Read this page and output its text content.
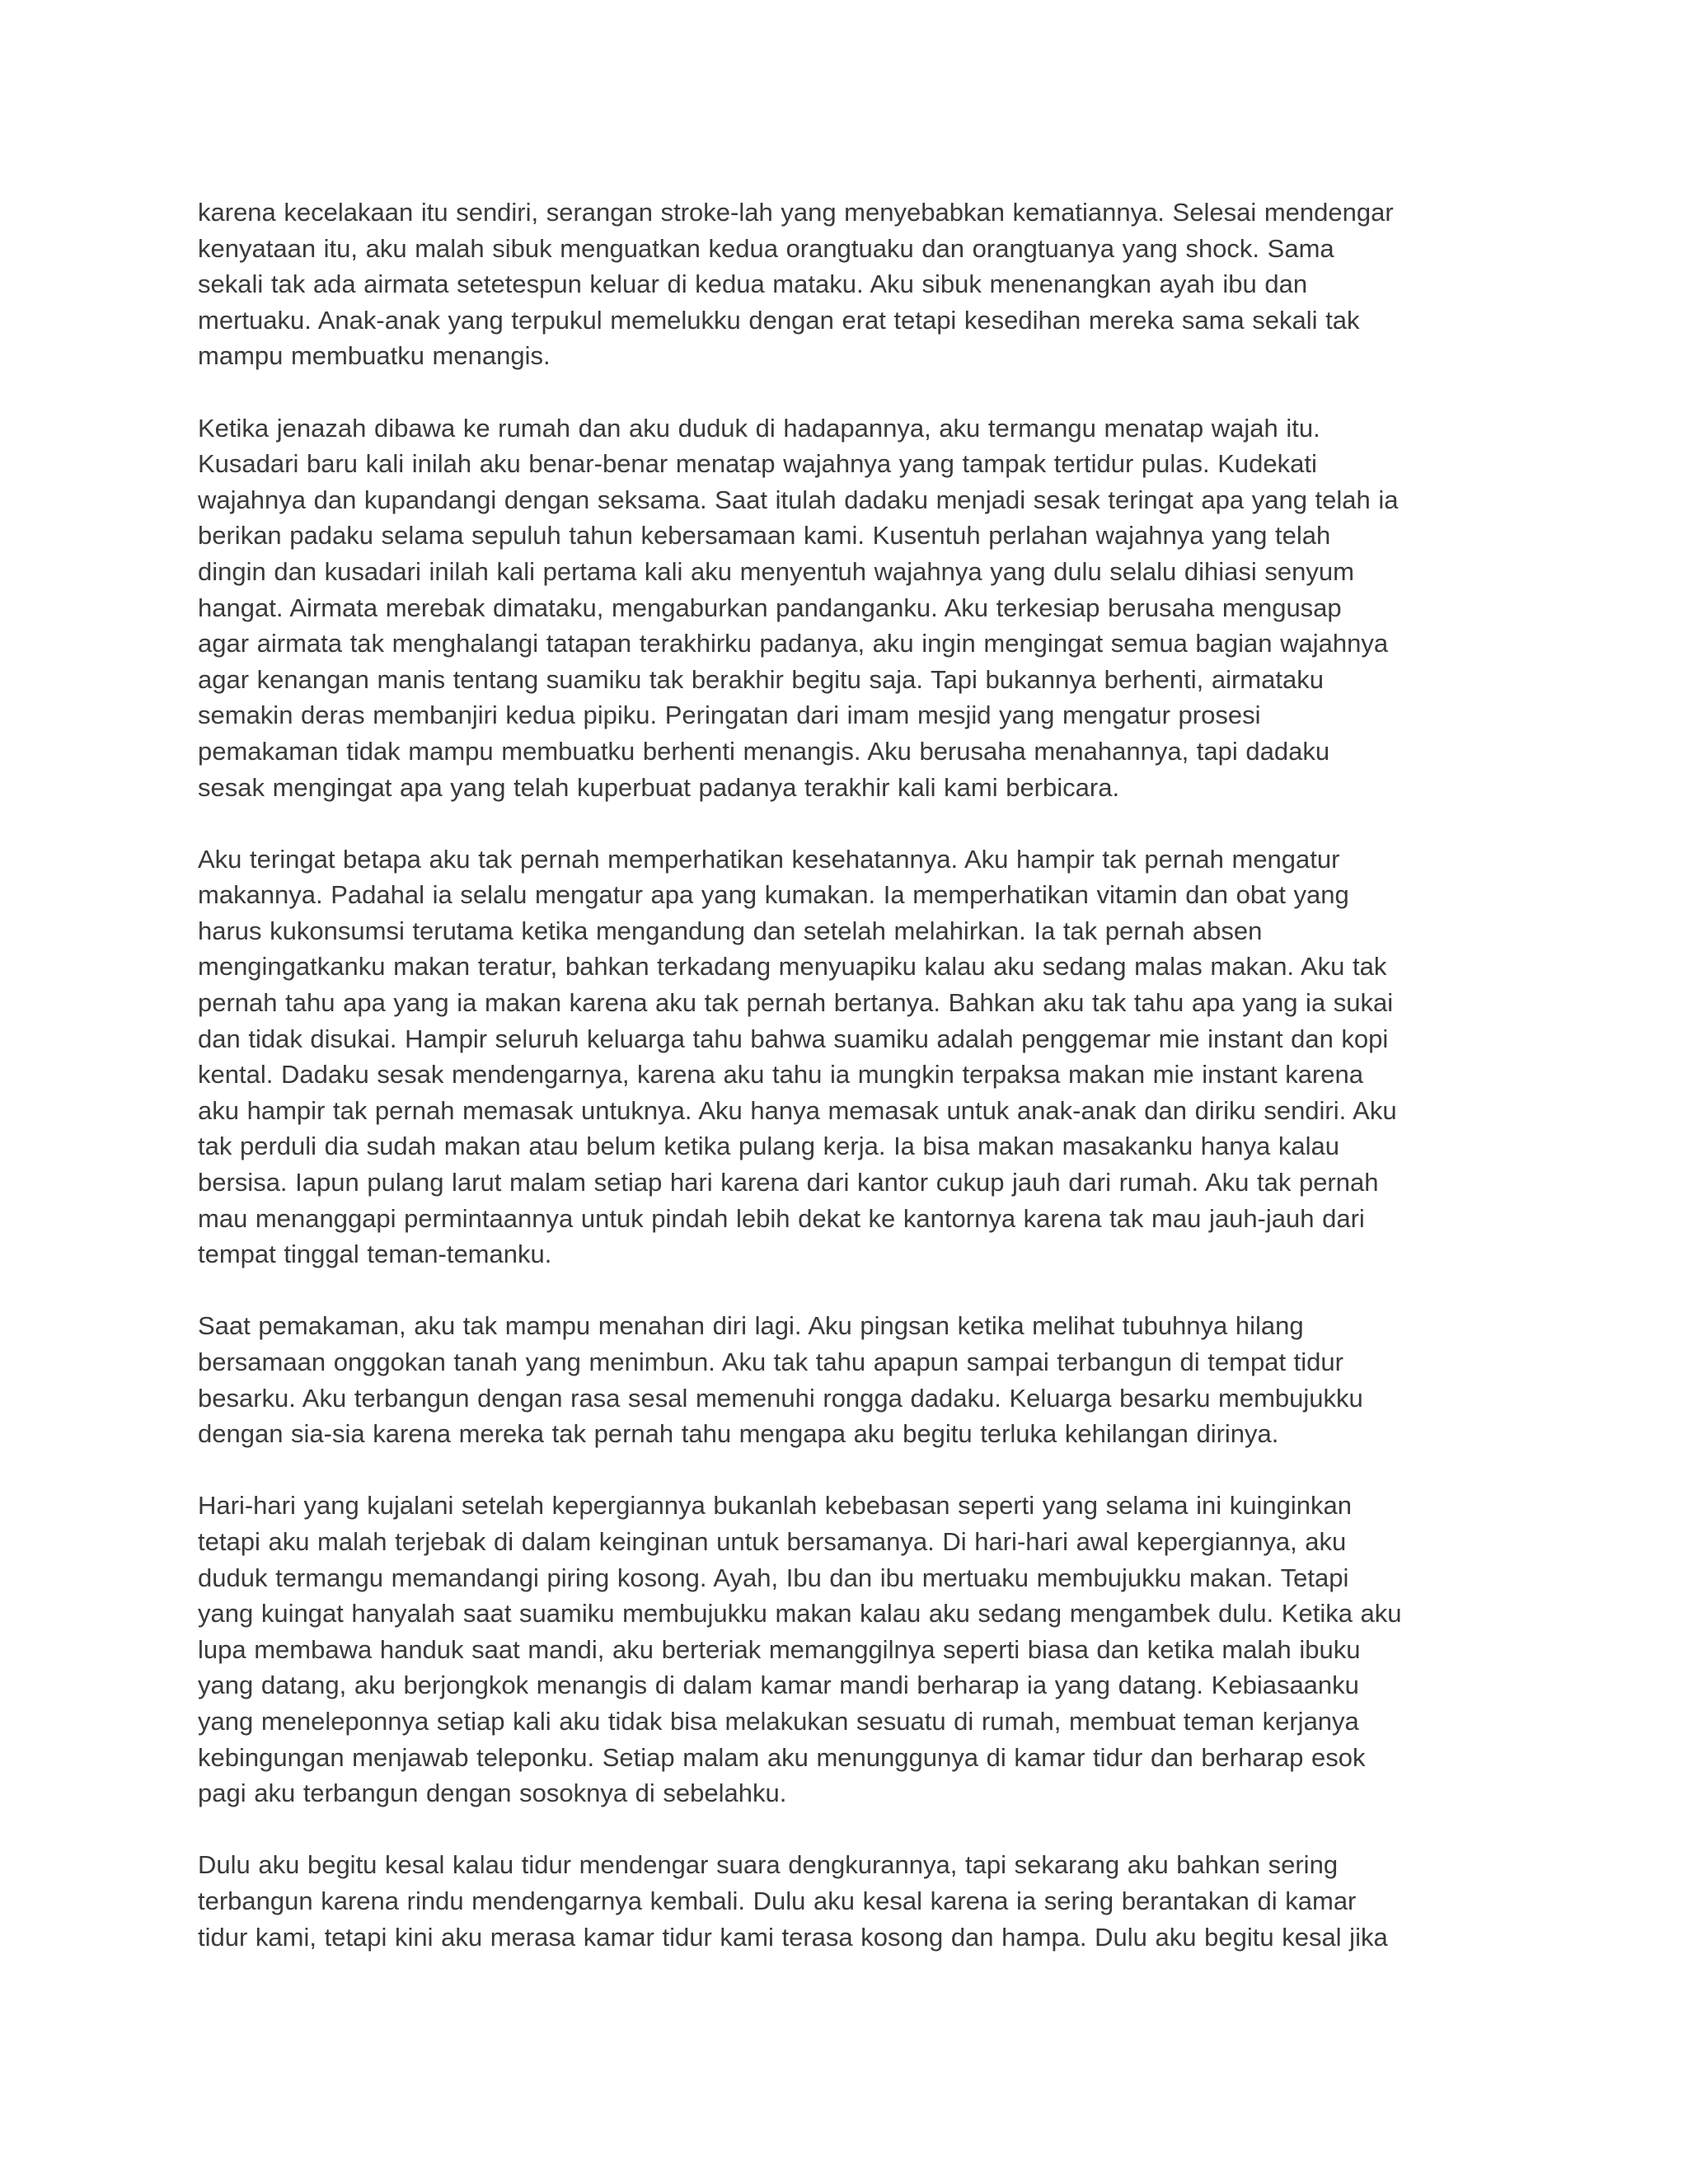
karena kecelakaan itu sendiri, serangan stroke-lah yang menyebabkan kematiannya. Selesai mendengar
kenyataan itu, aku malah sibuk menguatkan kedua orangtuaku dan orangtuanya yang shock. Sama
sekali tak ada airmata setetespun keluar di kedua mataku. Aku sibuk menenangkan ayah ibu dan
mertuaku. Anak-anak yang terpukul memelukku dengan erat tetapi kesedihan mereka sama sekali tak
mampu membuatku menangis.

Ketika jenazah dibawa ke rumah dan aku duduk di hadapannya, aku termangu menatap wajah itu.
Kusadari baru kali inilah aku benar-benar menatap wajahnya yang tampak tertidur pulas. Kudekati
wajahnya dan kupandangi dengan seksama. Saat itulah dadaku menjadi sesak teringat apa yang telah ia
berikan padaku selama sepuluh tahun kebersamaan kami. Kusentuh perlahan wajahnya yang telah
dingin dan kusadari inilah kali pertama kali aku menyentuh wajahnya yang dulu selalu dihiasi senyum
hangat. Airmata merebak dimataku, mengaburkan pandanganku. Aku terkesiap berusaha mengusap
agar airmata tak menghalangi tatapan terakhirku padanya, aku ingin mengingat semua bagian wajahnya
agar kenangan manis tentang suamiku tak berakhir begitu saja. Tapi bukannya berhenti, airmataku
semakin deras membanjiri kedua pipiku. Peringatan dari imam mesjid yang mengatur prosesi
pemakaman tidak mampu membuatku berhenti menangis. Aku berusaha menahannya, tapi dadaku
sesak mengingat apa yang telah kuperbuat padanya terakhir kali kami berbicara.

Aku teringat betapa aku tak pernah memperhatikan kesehatannya. Aku hampir tak pernah mengatur
makannya. Padahal ia selalu mengatur apa yang kumakan. Ia memperhatikan vitamin dan obat yang
harus kukonsumsi terutama ketika mengandung dan setelah melahirkan. Ia tak pernah absen
mengingatkanku makan teratur, bahkan terkadang menyuapiku kalau aku sedang malas makan. Aku tak
pernah tahu apa yang ia makan karena aku tak pernah bertanya. Bahkan aku tak tahu apa yang ia sukai
dan tidak disukai. Hampir seluruh keluarga tahu bahwa suamiku adalah penggemar mie instant dan kopi
kental. Dadaku sesak mendengarnya, karena aku tahu ia mungkin terpaksa makan mie instant karena
aku hampir tak pernah memasak untuknya. Aku hanya memasak untuk anak-anak dan diriku sendiri. Aku
tak perduli dia sudah makan atau belum ketika pulang kerja. Ia bisa makan masakanku hanya kalau
bersisa. Iapun pulang larut malam setiap hari karena dari kantor cukup jauh dari rumah. Aku tak pernah
mau menanggapi permintaannya untuk pindah lebih dekat ke kantornya karena tak mau jauh-jauh dari
tempat tinggal teman-temanku.

Saat pemakaman, aku tak mampu menahan diri lagi. Aku pingsan ketika melihat tubuhnya hilang
bersamaan onggokan tanah yang menimbun. Aku tak tahu apapun sampai terbangun di tempat tidur
besarku. Aku terbangun dengan rasa sesal memenuhi rongga dadaku. Keluarga besarku membujukku
dengan sia-sia karena mereka tak pernah tahu mengapa aku begitu terluka kehilangan dirinya.

Hari-hari yang kujalani setelah kepergiannya bukanlah kebebasan seperti yang selama ini kuinginkan
tetapi aku malah terjebak di dalam keinginan untuk bersamanya. Di hari-hari awal kepergiannya, aku
duduk termangu memandangi piring kosong. Ayah, Ibu dan ibu mertuaku membujukku makan. Tetapi
yang kuingat hanyalah saat suamiku membujukku makan kalau aku sedang mengambek dulu. Ketika aku
lupa membawa handuk saat mandi, aku berteriak memanggilnya seperti biasa dan ketika malah ibuku
yang datang, aku berjongkok menangis di dalam kamar mandi berharap ia yang datang. Kebiasaanku
yang meneleponnya setiap kali aku tidak bisa melakukan sesuatu di rumah, membuat teman kerjanya
kebingungan menjawab teleponku. Setiap malam aku menunggunya di kamar tidur dan berharap esok
pagi aku terbangun dengan sosoknya di sebelahku.

Dulu aku begitu kesal kalau tidur mendengar suara dengkurannya, tapi sekarang aku bahkan sering
terbangun karena rindu mendengarnya kembali. Dulu aku kesal karena ia sering berantakan di kamar
tidur kami, tetapi kini aku merasa kamar tidur kami terasa kosong dan hampa. Dulu aku begitu kesal jika
